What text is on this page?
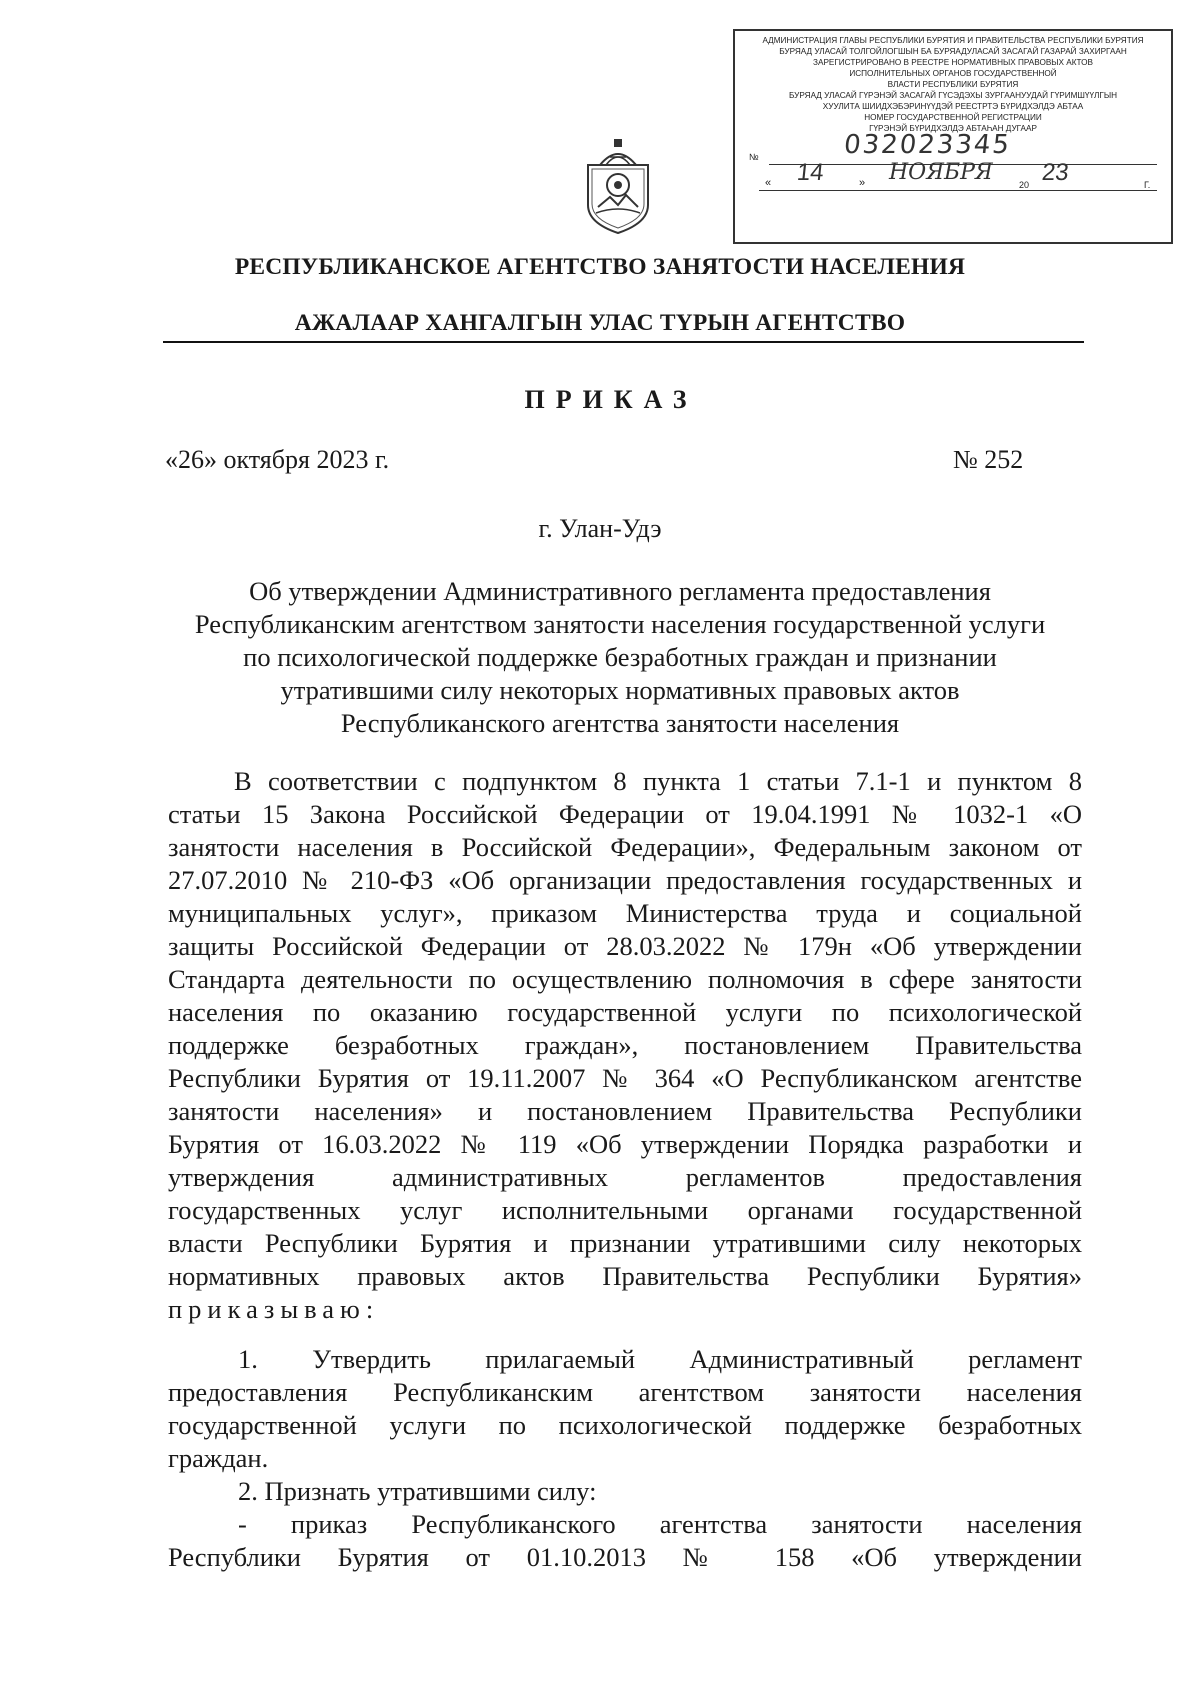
АДМИНИСТРАЦИЯ ГЛАВЫ РЕСПУБЛИКИ БУРЯТИЯ И ПРАВИТЕЛЬСТВА РЕСПУБЛИКИ БУРЯТИЯ
БУРЯАД УЛАСАЙ ТОЛГОЙЛОГШЫН БА БУРЯАДУЛАСАЙ ЗАСАГАЙ ГАЗАРАЙ ЗАХИРГААН
ЗАРЕГИСТРИРОВАНО В РЕЕСТРЕ НОРМАТИВНЫХ ПРАВОВЫХ АКТОВ
ИСПОЛНИТЕЛЬНЫХ ОРГАНОВ ГОСУДАРСТВЕННОЙ
ВЛАСТИ РЕСПУБЛИКИ БУРЯТИЯ
БУРЯАД УЛАСАЙ ГҮРЭНЭЙ ЗАСАГАЙ ГҮСЭДЭХЫ ЗУРГААНУУДАЙ ГҮРИМШҮҮЛГЫН
ХУУЛИТА ШИИДХЭБЭРИНҮҮДЭЙ РЕЕСТРТЭ БҮРИДХЭЛДЭ АБТАА
НОМЕР ГОСУДАРСТВЕННОЙ РЕГИСТРАЦИИ
ГҮРЭНЭЙ БҮРИДХЭЛДЭ АБТАҺАН ДУГААР
№	032023345
« 14	» НОЯБРЯ	20 23	Г.
РЕСПУБЛИКАНСКОЕ АГЕНТСТВО ЗАНЯТОСТИ НАСЕЛЕНИЯ
АЖАЛААР ХАНГАЛГЫН УЛАС ТҮРЫН АГЕНТСТВО
ПРИКАЗ
«26» октября 2023 г.	№ 252
г. Улан-Удэ
Об утверждении Административного регламента предоставления
Республиканским агентством занятости населения государственной услуги
по психологической поддержке безработных граждан и признании
утратившими силу некоторых нормативных правовых актов
Республиканского агентства занятости населения
В соответствии с подпунктом 8 пункта 1 статьи 7.1-1 и пунктом 8
статьи 15 Закона Российской Федерации от 19.04.1991 № 1032-1 «О
занятости населения в Российской Федерации», Федеральным законом от
27.07.2010 № 210-ФЗ «Об организации предоставления государственных и
муниципальных услуг», приказом Министерства труда и социальной
защиты Российской Федерации от 28.03.2022 № 179н «Об утверждении
Стандарта деятельности по осуществлению полномочия в сфере занятости
населения по оказанию государственной услуги по психологической
поддержке безработных граждан», постановлением Правительства
Республики Бурятия от 19.11.2007 № 364 «О Республиканском агентстве
занятости населения» и постановлением Правительства Республики
Бурятия от 16.03.2022 № 119 «Об утверждении Порядка разработки и
утверждения административных регламентов предоставления
государственных услуг исполнительными органами государственной
власти Республики Бурятия и признании утратившими силу некоторых
нормативных правовых актов Правительства Республики Бурятия»
приказываю:
1. Утвердить прилагаемый Административный регламент
предоставления Республиканским агентством занятости населения
государственной услуги по психологической поддержке безработных
граждан.
2. Признать утратившими силу:
- приказ Республиканского агентства занятости населения
Республики Бурятия от 01.10.2013 № 158 «Об утверждении
